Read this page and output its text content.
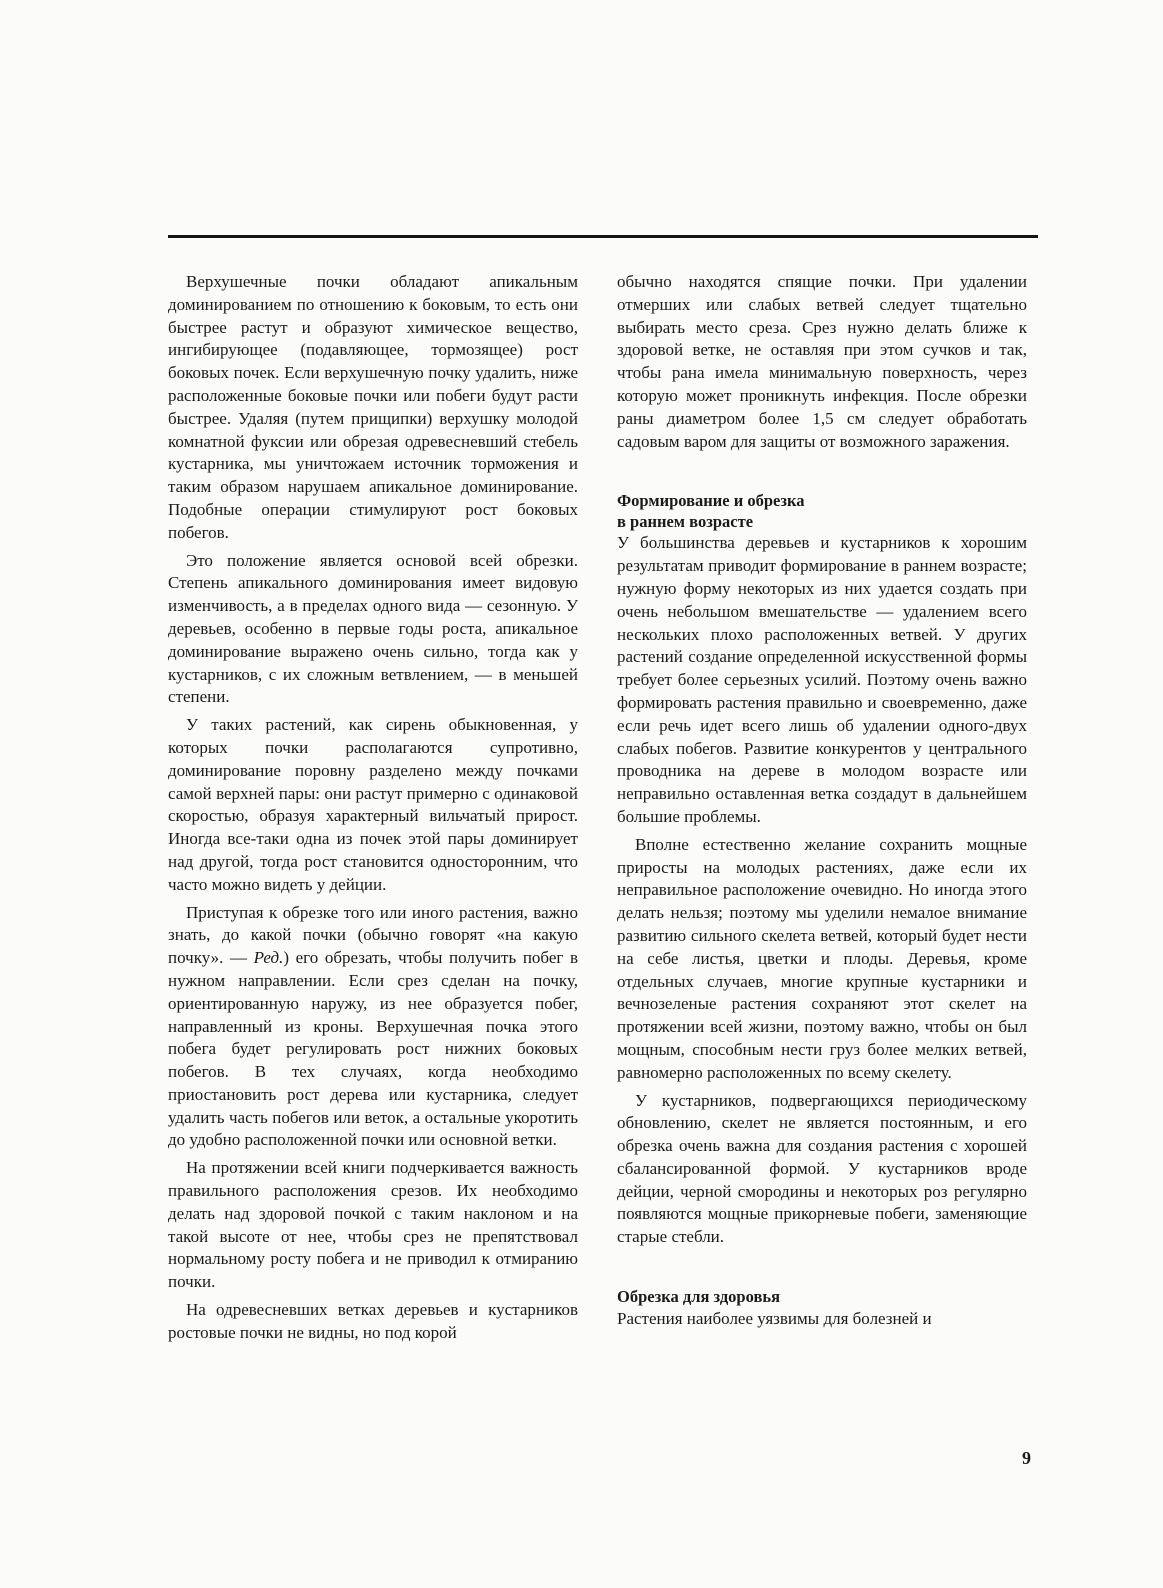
Верхушечные почки обладают апикальным доминированием по отношению к боковым, то есть они быстрее растут и образуют химическое вещество, ингибирующее (подавляющее, тормозящее) рост боковых почек. Если верхушечную почку удалить, ниже расположенные боковые почки или побеги будут расти быстрее. Удаляя (путем прищипки) верхушку молодой комнатной фуксии или обрезая одревесневший стебель кустарника, мы уничтожаем источник торможения и таким образом нарушаем апикальное доминирование. Подобные операции стимулируют рост боковых побегов.

Это положение является основой всей обрезки. Степень апикального доминирования имеет видовую изменчивость, а в пределах одного вида — сезонную. У деревьев, особенно в первые годы роста, апикальное доминирование выражено очень сильно, тогда как у кустарников, с их сложным ветвлением, — в меньшей степени.

У таких растений, как сирень обыкновенная, у которых почки располагаются супротивно, доминирование поровну разделено между почками самой верхней пары: они растут примерно с одинаковой скоростью, образуя характерный вильчатый прирост. Иногда все-таки одна из почек этой пары доминирует над другой, тогда рост становится односторонним, что часто можно видеть у дейции.

Приступая к обрезке того или иного растения, важно знать, до какой почки (обычно говорят «на какую почку». — Ред.) его обрезать, чтобы получить побег в нужном направлении. Если срез сделан на почку, ориентированную наружу, из нее образуется побег, направленный из кроны. Верхушечная почка этого побега будет регулировать рост нижних боковых побегов. В тех случаях, когда необходимо приостановить рост дерева или кустарника, следует удалить часть побегов или веток, а остальные укоротить до удобно расположенной почки или основной ветки.

На протяжении всей книги подчеркивается важность правильного расположения срезов. Их необходимо делать над здоровой почкой с таким наклоном и на такой высоте от нее, чтобы срез не препятствовал нормальному росту побега и не приводил к отмиранию почки.

На одревесневших ветках деревьев и кустарников ростовые почки не видны, но под корой

обычно находятся спящие почки. При удалении отмерших или слабых ветвей следует тщательно выбирать место среза. Срез нужно делать ближе к здоровой ветке, не оставляя при этом сучков и так, чтобы рана имела минимальную поверхность, через которую может проникнуть инфекция. После обрезки раны диаметром более 1,5 см следует обработать садовым варом для защиты от возможного заражения.

Формирование и обрезка
в раннем возрасте

У большинства деревьев и кустарников к хорошим результатам приводит формирование в раннем возрасте; нужную форму некоторых из них удается создать при очень небольшом вмешательстве — удалением всего нескольких плохо расположенных ветвей. У других растений создание определенной искусственной формы требует более серьезных усилий. Поэтому очень важно формировать растения правильно и своевременно, даже если речь идет всего лишь об удалении одного-двух слабых побегов. Развитие конкурентов у центрального проводника на дереве в молодом возрасте или неправильно оставленная ветка создадут в дальнейшем большие проблемы.

Вполне естественно желание сохранить мощные приросты на молодых растениях, даже если их неправильное расположение очевидно. Но иногда этого делать нельзя; поэтому мы уделили немалое внимание развитию сильного скелета ветвей, который будет нести на себе листья, цветки и плоды. Деревья, кроме отдельных случаев, многие крупные кустарники и вечнозеленые растения сохраняют этот скелет на протяжении всей жизни, поэтому важно, чтобы он был мощным, способным нести груз более мелких ветвей, равномерно расположенных по всему скелету.

У кустарников, подвергающихся периодическому обновлению, скелет не является постоянным, и его обрезка очень важна для создания растения с хорошей сбалансированной формой. У кустарников вроде дейции, черной смородины и некоторых роз регулярно появляются мощные прикорневые побеги, заменяющие старые стебли.

Обрезка для здоровья

Растения наиболее уязвимы для болезней и

9
